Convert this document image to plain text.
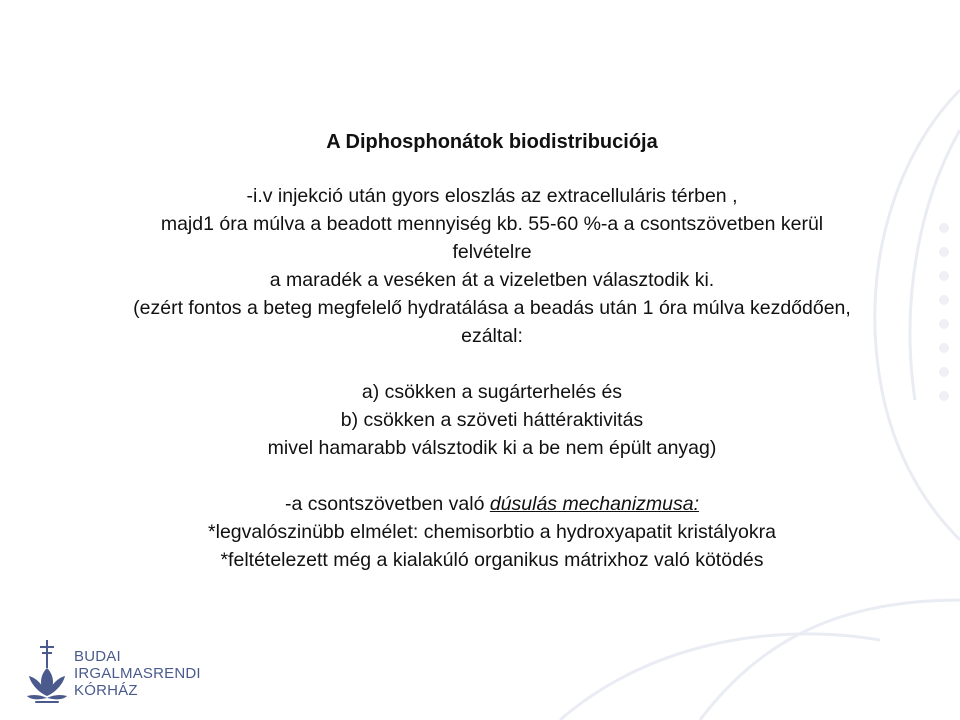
A Diphosphonátok biodistribuciója
-i.v injekció után gyors eloszlás az extracelluláris térben ,
majd1 óra múlva a beadott mennyiség kb. 55-60 %-a a csontszövetben kerül
felvételre
a maradék a veséken át a vizeletben választodik ki.
(ezért fontos a beteg megfelelő hydratálása a beadás után 1 óra múlva kezdődően,
ezáltal:
a) csökken a sugárterhelés és
b) csökken a szöveti háttéraktivitás
mivel hamarabb válsztodik ki a be nem épült anyag)
-a csontszövetben való dúsulás mechanizmusa:
*legvalószinübb elmélet: chemisorbtio a hydroxyapatit kristályokra
*feltételezett még a kialakúló organikus mátrixhoz való kötödés
BUDAI
IRGALMASRENDI
KÓRHÁZ
